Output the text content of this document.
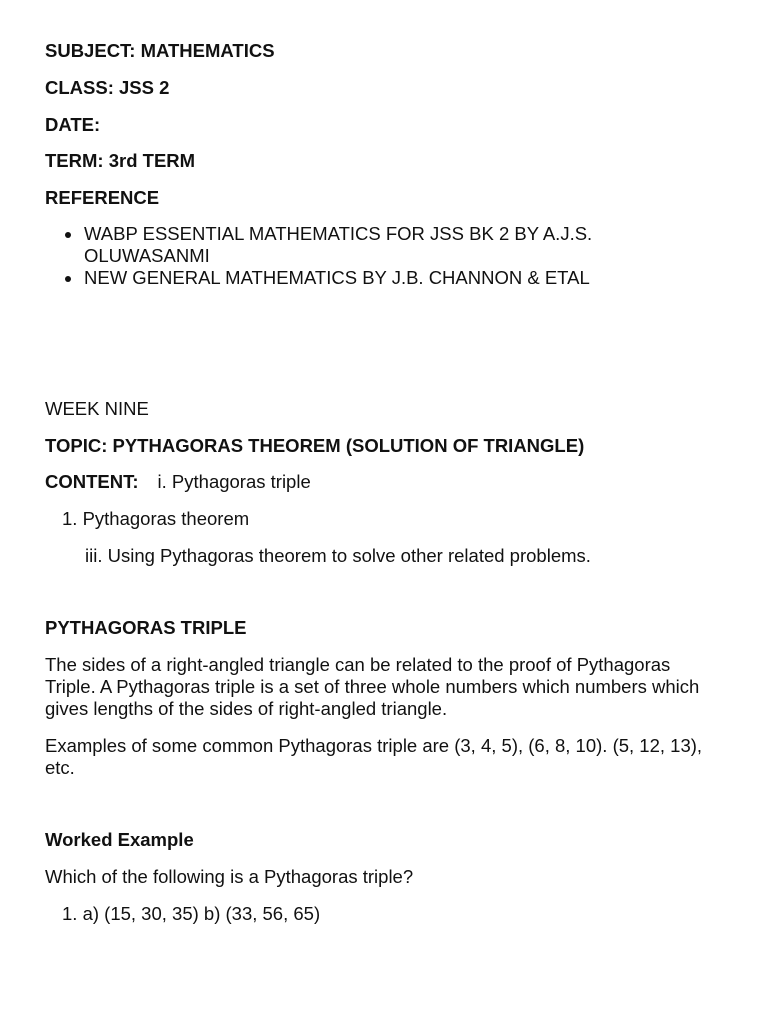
SUBJECT: MATHEMATICS

CLASS: JSS 2

DATE:

TERM: 3rd TERM

REFERENCE

WABP ESSENTIAL MATHEMATICS FOR JSS BK 2 BY A.J.S. OLUWASANMI
NEW GENERAL MATHEMATICS BY J.B. CHANNON & ETAL

WEEK NINE

TOPIC: PYTHAGORAS THEOREM (SOLUTION OF TRIANGLE)

CONTENT: i. Pythagoras triple

1. Pythagoras theorem

iii. Using Pythagoras theorem to solve other related problems.

PYTHAGORAS TRIPLE

The sides of a right-angled triangle can be related to the proof of Pythagoras Triple. A Pythagoras triple is a set of three whole numbers which numbers which gives lengths of the sides of right-angled triangle.

Examples of some common Pythagoras triple are (3, 4, 5), (6, 8, 10). (5, 12, 13), etc.

Worked Example

Which of the following is a Pythagoras triple?

1. a) (15, 30, 35) b) (33, 56, 65)
